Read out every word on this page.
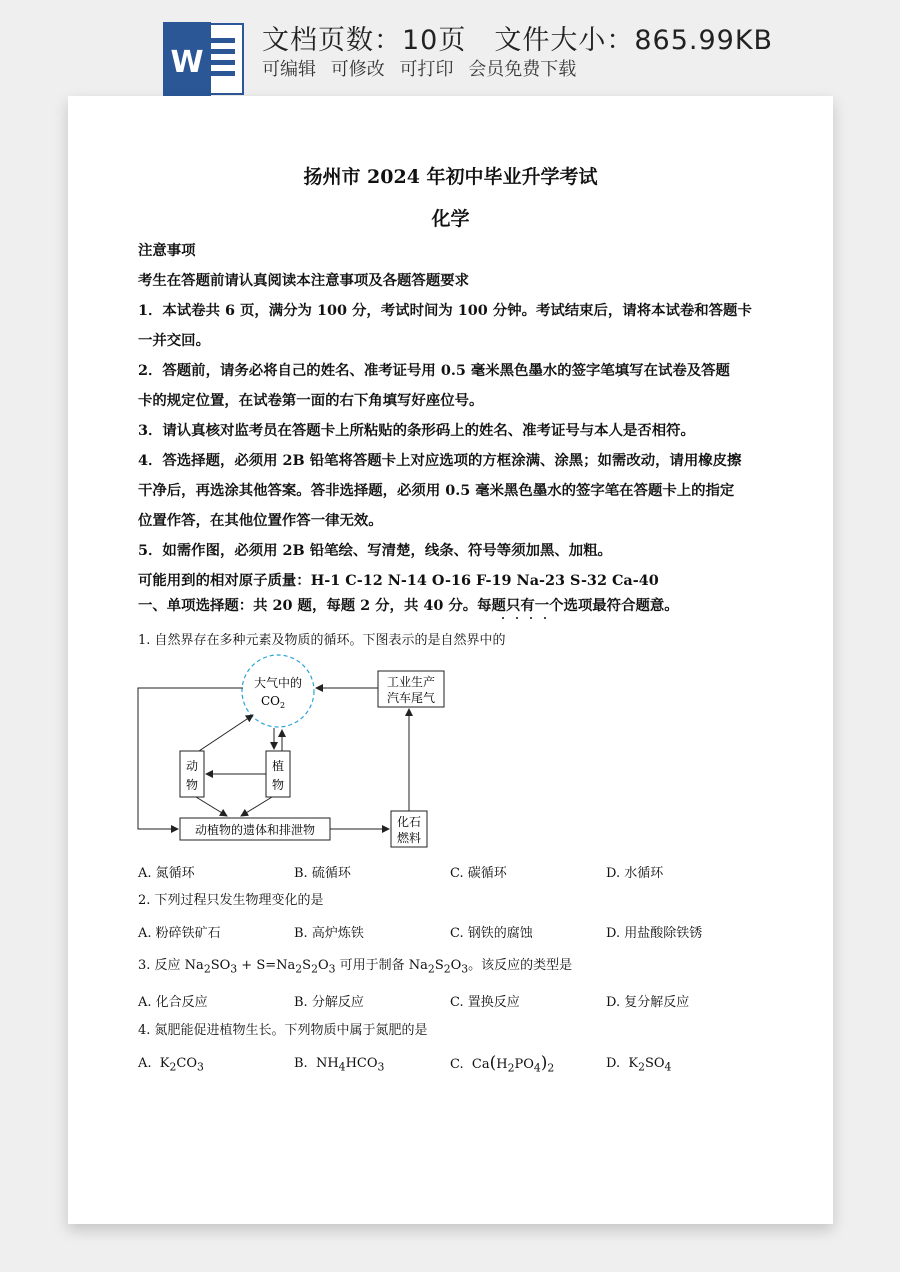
W
文档页数：10页 文件大小：865.99KB
可编辑 可修改 可打印 会员免费下载
扬州市 2024 年初中毕业升学考试
化学
注意事项
考生在答题前请认真阅读本注意事项及各题答题要求
1．本试卷共 6 页，满分为 100 分，考试时间为 100 分钟。考试结束后，请将本试卷和答题卡
一并交回。
2．答题前，请务必将自己的姓名、准考证号用 0.5 毫米黑色墨水的签字笔填写在试卷及答题
卡的规定位置，在试卷第一面的右下角填写好座位号。
3．请认真核对监考员在答题卡上所粘贴的条形码上的姓名、准考证号与本人是否相符。
4．答选择题，必须用 2B 铅笔将答题卡上对应选项的方框涂满、涂黑；如需改动，请用橡皮擦
干净后，再选涂其他答案。答非选择题，必须用 0.5 毫米黑色墨水的签字笔在答题卡上的指定
位置作答，在其他位置作答一律无效。
5．如需作图，必须用 2B 铅笔绘、写清楚，线条、符号等须加黑、加粗。
可能用到的相对原子质量：H-1 C-12 N-14 O-16 F-19 Na-23 S-32 Ca-40
一、单项选择题：共 20 题，每题 2 分，共 40 分。每题只有一个选项最符合题意。
1. 自然界存在多种元素及物质的循环。下图表示的是自然界中的
大气中的
$CO_2$
工业生产
汽车尾气
动
物
植
物
动植物的遗体和排泄物
化石
燃料
A. 氮循环	B. 硫循环	C. 碳循环	D. 水循环
2. 下列过程只发生物理变化的是
A. 粉碎铁矿石	B. 高炉炼铁	C. 钢铁的腐蚀	D. 用盐酸除铁锈
3. 反应 $Na_2SO_3 + S=Na_2S_2O_3$ 可用于制备 $Na_2S_2O_3$。该反应的类型是
A. 化合反应	B. 分解反应	C. 置换反应	D. 复分解反应
4. 氮肥能促进植物生长。下列物质中属于氮肥的是
A.  $K_2CO_3$	B.  $NH_4HCO_3$	C.  $Ca(H_2PO_4)_2$	D.  $K_2SO_4$
